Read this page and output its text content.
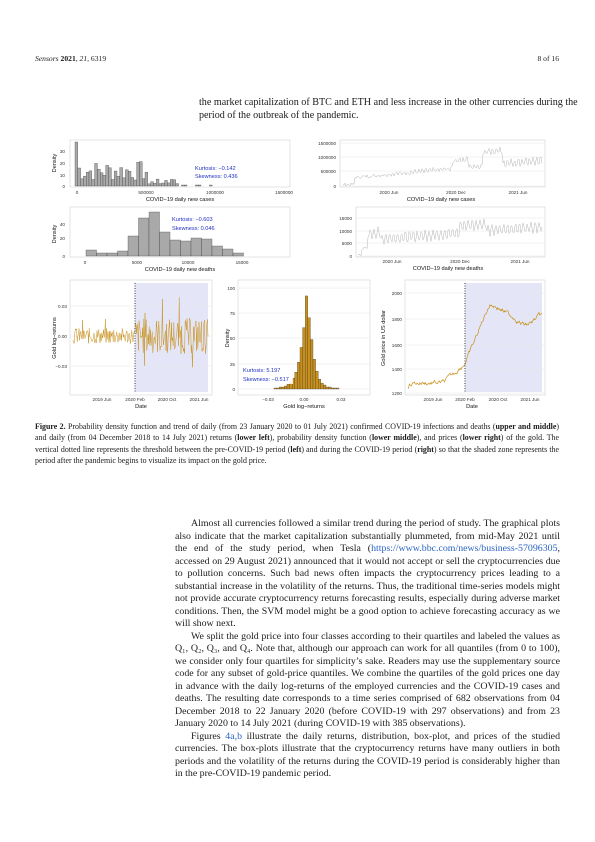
Sensors 2021, 21, 6319	8 of 16
the market capitalization of BTC and ETH and less increase in the other currencies during the period of the outbreak of the pandemic.
0
10
20
30
0	500000	1000000	1500000
COVID−19 daily new cases
Density	Kurtosis: −0.142
Skewness: 0.436
0
500000
1000000
1500000
2020 Jun	2020 Dec	2021 Jun
COVID−19 daily new cases
0
20
40
0	5000	10000	15000
COVID−19 daily new deaths
Density
Kurtosis: −0.603
Skewness: 0.046
0
5000
10000
15000
2020 Jun	2020 Dec	2021 Jun
COVID−19 daily new deaths
0.03
0.00
−0.03
2019 Jun	2020 Feb	2020 Oct	2021 Jun
Date
Gold log−returns
0
25
50
75
100
−0.03	0.00	0.03
Gold log−returns
Density
Kurtosis: 5.197
Skewness: −0.517
1200
1400
1600
1800
2000
2019 Jun	2020 Feb	2020 Oct	2021 Jun
Date
Gold price in US dollar
Figure 2. Probability density function and trend of daily (from 23 January 2020 to 01 July 2021) confirmed COVID-19 infections and deaths (upper and middle) and daily (from 04 December 2018 to 14 July 2021) returns (lower left), probability density function (lower middle), and prices (lower right) of the gold. The vertical dotted line represents the threshold between the pre-COVID-19 period (left) and during the COVID-19 period (right) so that the shaded zone represents the period after the pandemic begins to visualize its impact on the gold price.

Almost all currencies followed a similar trend during the period of study. The graphical plots also indicate that the market capitalization substantially plummeted, from mid-May 2021 until the end of the study period, when Tesla (https://www.bbc.com/news/business-57096305, accessed on 29 August 2021) announced that it would not accept or sell the cryptocurrencies due to pollution concerns. Such bad news often impacts the cryptocurrency prices leading to a substantial increase in the volatility of the returns. Thus, the traditional time-series models might not provide accurate cryptocurrency returns forecasting results, especially during adverse market conditions. Then, the SVM model might be a good option to achieve forecasting accuracy as we will show next.

We split the gold price into four classes according to their quartiles and labeled the values as Q₁, Q₂, Q₃, and Q₄. Note that, although our approach can work for all quantiles (from 0 to 100), we consider only four quartiles for simplicity’s sake. Readers may use the supplementary source code for any subset of gold-price quantiles. We combine the quartiles of the gold prices one day in advance with the daily log-returns of the employed currencies and the COVID-19 cases and deaths. The resulting date corresponds to a time series comprised of 682 observations from 04 December 2018 to 22 January 2020 (before COVID-19 with 297 observations) and from 23 January 2020 to 14 July 2021 (during COVID-19 with 385 observations).

Figures 4a,b illustrate the daily returns, distribution, box-plot, and prices of the studied currencies. The box-plots illustrate that the cryptocurrency returns have many outliers in both periods and the volatility of the returns during the COVID-19 period is considerably higher than in the pre-COVID-19 pandemic period.
